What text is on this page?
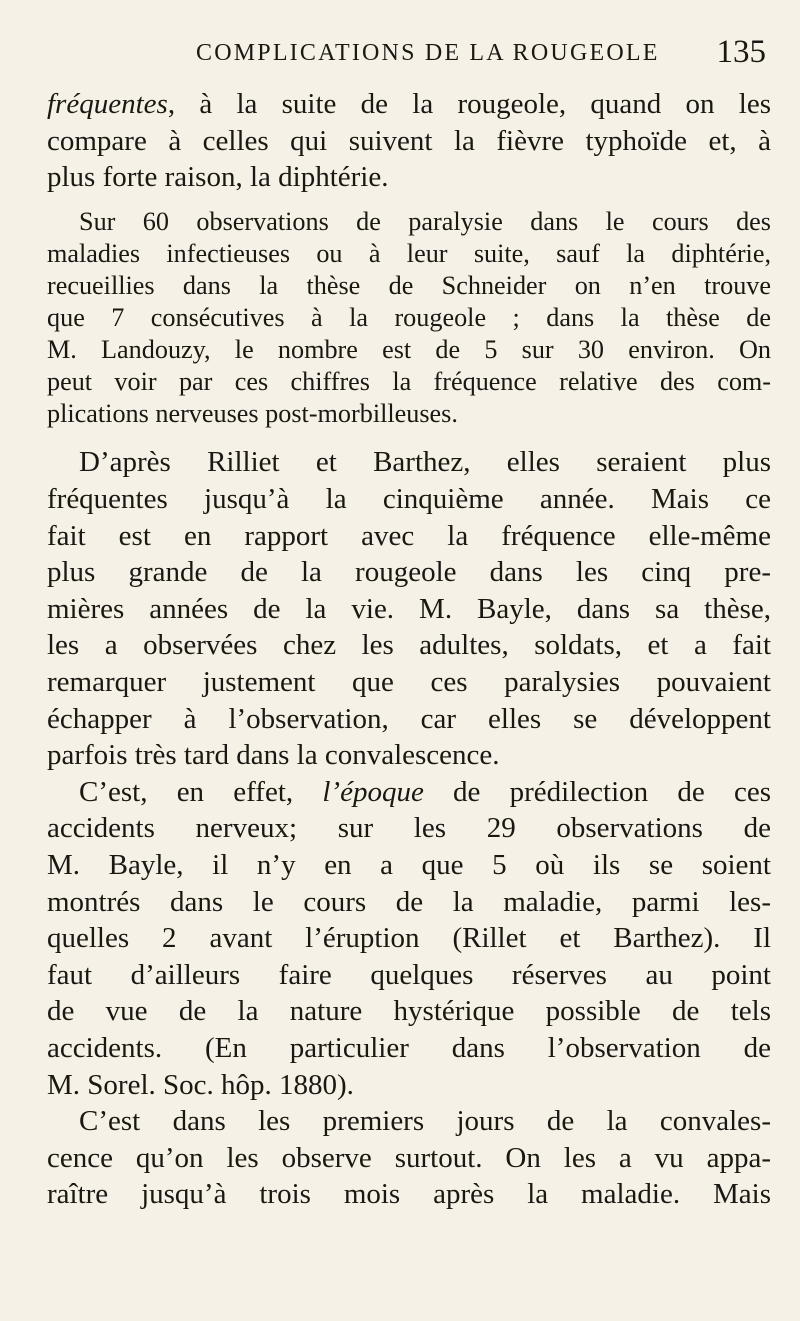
COMPLICATIONS DE LA ROUGEOLE 135
fréquentes, à la suite de la rougeole, quand on les
compare à celles qui suivent la fièvre typhoïde et, à
plus forte raison, la diphtérie.
Sur 60 observations de paralysie dans le cours des
maladies infectieuses ou à leur suite, sauf la diphtérie,
recueillies dans la thèse de Schneider on n’en trouve
que 7 consécutives à la rougeole ; dans la thèse de
M. Landouzy, le nombre est de 5 sur 30 environ. On
peut voir par ces chiffres la fréquence relative des com-
plications nerveuses post-morbilleuses.
D’après Rilliet et Barthez, elles seraient plus
fréquentes jusqu’à la cinquième année. Mais ce
fait est en rapport avec la fréquence elle-même
plus grande de la rougeole dans les cinq pre-
mières années de la vie. M. Bayle, dans sa thèse,
les a observées chez les adultes, soldats, et a fait
remarquer justement que ces paralysies pouvaient
échapper à l’observation, car elles se développent
parfois très tard dans la convalescence.
C’est, en effet, l’époque de prédilection de ces
accidents nerveux; sur les 29 observations de
M. Bayle, il n’y en a que 5 où ils se soient
montrés dans le cours de la maladie, parmi les-
quelles 2 avant l’éruption (Rillet et Barthez). Il
faut d’ailleurs faire quelques réserves au point
de vue de la nature hystérique possible de tels
accidents. (En particulier dans l’observation de
M. Sorel. Soc. hôp. 1880).
C’est dans les premiers jours de la convales-
cence qu’on les observe surtout. On les a vu appa-
raître jusqu’à trois mois après la maladie. Mais
